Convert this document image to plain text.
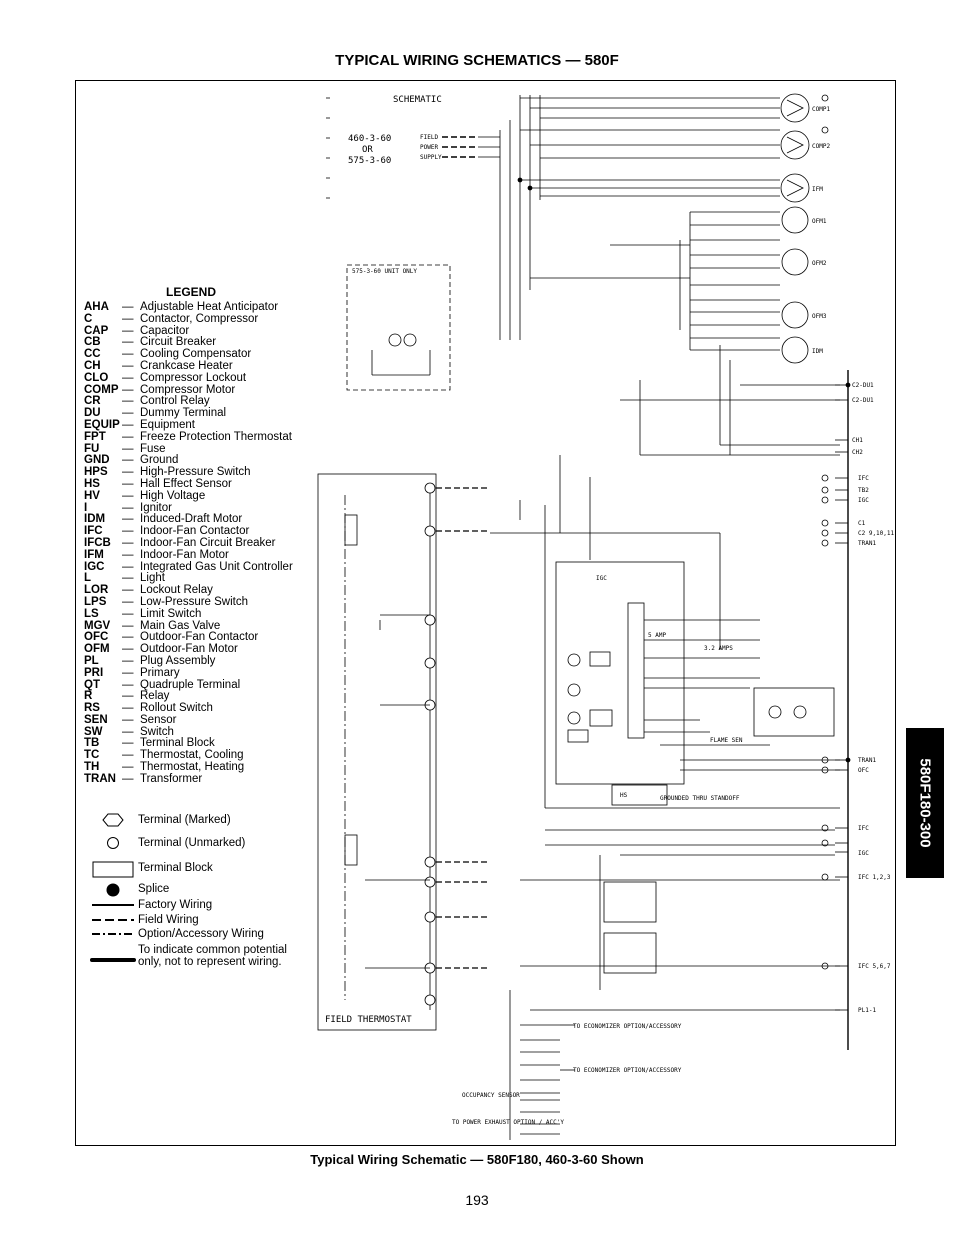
TYPICAL WIRING SCHEMATICS — 580F
SCHEMATIC
460-3-60
OR
575-3-60
FIELD
POWER
SUPPLY
575-3-60 UNIT ONLY
COMP1
COMP2
IFM
OFM1
OFM2
OFM3
IDM
C2-DU1
C2-DU1
CH1
CH2
IFC
TB2
IGC
C1
C2 9,10,11
TRAN1
TRAN1
OFC
IFC
IGC
IFC 1,2,3
IFC 5,6,7
PL1-1
TO ECONOMIZER OPTION/ACCESSORY
TO ECONOMIZER OPTION/ACCESSORY
OCCUPANCY SENSOR
TO POWER EXHAUST OPTION / ACC'Y
IGC
5 AMP
3.2 AMPS
FLAME SEN
GROUNDED THRU STANDOFF
HS
FIELD THERMOSTAT
LEGEND
AHA	— Adjustable Heat Anticipator
C	— Contactor, Compressor
CAP	— Capacitor
CB	— Circuit Breaker
CC	— Cooling Compensator
CH	— Crankcase Heater
CLO	— Compressor Lockout
COMP — Compressor Motor
CR	— Control Relay
DU	— Dummy Terminal
EQUIP — Equipment
FPT	— Freeze Protection Thermostat
FU	— Fuse
GND	— Ground
HPS	— High-Pressure Switch
HS	— Hall Effect Sensor
HV	— High Voltage
I	— Ignitor
IDM	— Induced-Draft Motor
IFC	— Indoor-Fan Contactor
IFCB — Indoor-Fan Circuit Breaker
IFM	— Indoor-Fan Motor
IGC	— Integrated Gas Unit Controller
L	— Light
LOR	— Lockout Relay
LPS	— Low-Pressure Switch
LS	— Limit Switch
MGV	— Main Gas Valve
OFC	— Outdoor-Fan Contactor
OFM	— Outdoor-Fan Motor
PL	— Plug Assembly
PRI	— Primary
QT	— Quadruple Terminal
R	— Relay
RS	— Rollout Switch
SEN	— Sensor
SW	— Switch
TB	— Terminal Block
TC	— Thermostat, Cooling
TH	— Thermostat, Heating
TRAN — Transformer
Terminal (Marked)
Terminal (Unmarked)
Terminal Block
Splice
Factory Wiring
Field Wiring
Option/Accessory Wiring
To indicate common potential only, not to represent wiring.
580F180-300
Typical Wiring Schematic — 580F180, 460-3-60 Shown
193
